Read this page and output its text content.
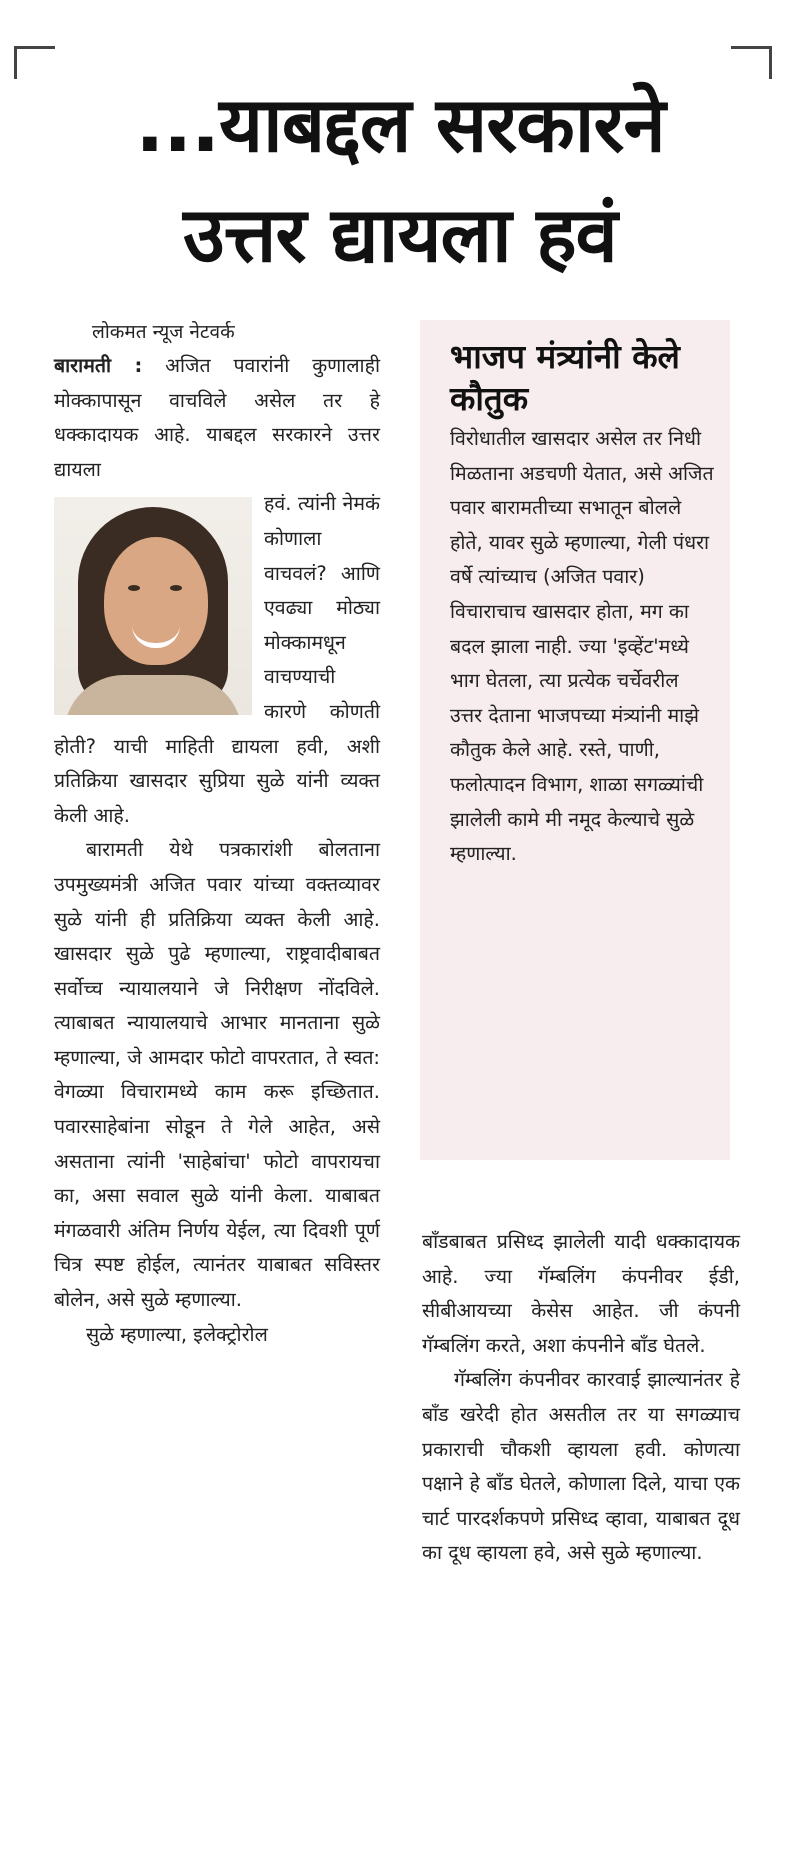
...याबद्दल सरकारने
उत्तर द्यायला हवं

लोकमत न्यूज नेटवर्क

बारामती : अजित पवारांनी कुणालाही मोक्कापासून वाचविले असेल तर हे धक्कादायक आहे. याबद्दल सरकारने उत्तर द्यायला

हवं. त्यांनी नेमकं कोणाला वाचवलं? आणि एवढ्या मोठ्या मोक्कामधून वाचण्याची कारणे कोणती होती? याची माहिती द्यायला हवी, अशी प्रतिक्रिया खासदार सुप्रिया सुळे यांनी व्यक्त केली आहे.

बारामती येथे पत्रकारांशी बोलताना उपमुख्यमंत्री अजित पवार यांच्या वक्तव्यावर सुळे यांनी ही प्रतिक्रिया व्यक्त केली आहे. खासदार सुळे पुढे म्हणाल्या, राष्ट्रवादीबाबत सर्वोच्च न्यायालयाने जे निरीक्षण नोंदविले. त्याबाबत न्यायालयाचे आभार मानताना सुळे म्हणाल्या, जे आमदार फोटो वापरतात, ते स्वत: वेगळ्या विचारामध्ये काम करू इच्छितात. पवारसाहेबांना सोडून ते गेले आहेत, असे असताना त्यांनी 'साहेबांचा' फोटो वापरायचा का, असा सवाल सुळे यांनी केला. याबाबत मंगळवारी अंतिम निर्णय येईल, त्या दिवशी पूर्ण चित्र स्पष्ट होईल, त्यानंतर याबाबत सविस्तर बोलेन, असे सुळे म्हणाल्या.

सुळे म्हणाल्या, इलेक्ट्रोरोल

भाजप मंत्र्यांनी केले कौतुक

विरोधातील खासदार असेल तर निधी मिळताना अडचणी येतात, असे अजित पवार बारामतीच्या सभातून बोलले होते, यावर सुळे म्हणाल्या, गेली पंधरा वर्षे त्यांच्याच (अजित पवार) विचाराचाच खासदार होता, मग का बदल झाला नाही. ज्या 'इव्हेंट'मध्ये भाग घेतला, त्या प्रत्येक चर्चेवरील उत्तर देताना भाजपच्या मंत्र्यांनी माझे कौतुक केले आहे. रस्ते, पाणी, फलोत्पादन विभाग, शाळा सगळ्यांची झालेली कामे मी नमूद केल्याचे सुळे म्हणाल्या.

बाँडबाबत प्रसिध्द झालेली यादी धक्कादायक आहे. ज्या गॅम्बलिंग कंपनीवर ईडी, सीबीआयच्या केसेस आहेत. जी कंपनी गॅम्बलिंग करते, अशा कंपनीने बाँड घेतले.

गॅम्बलिंग कंपनीवर कारवाई झाल्यानंतर हे बाँड खरेदी होत असतील तर या सगळ्याच प्रकाराची चौकशी व्हायला हवी. कोणत्या पक्षाने हे बाँड घेतले, कोणाला दिले, याचा एक चार्ट पारदर्शकपणे प्रसिध्द व्हावा, याबाबत दूध का दूध व्हायला हवे, असे सुळे म्हणाल्या.
